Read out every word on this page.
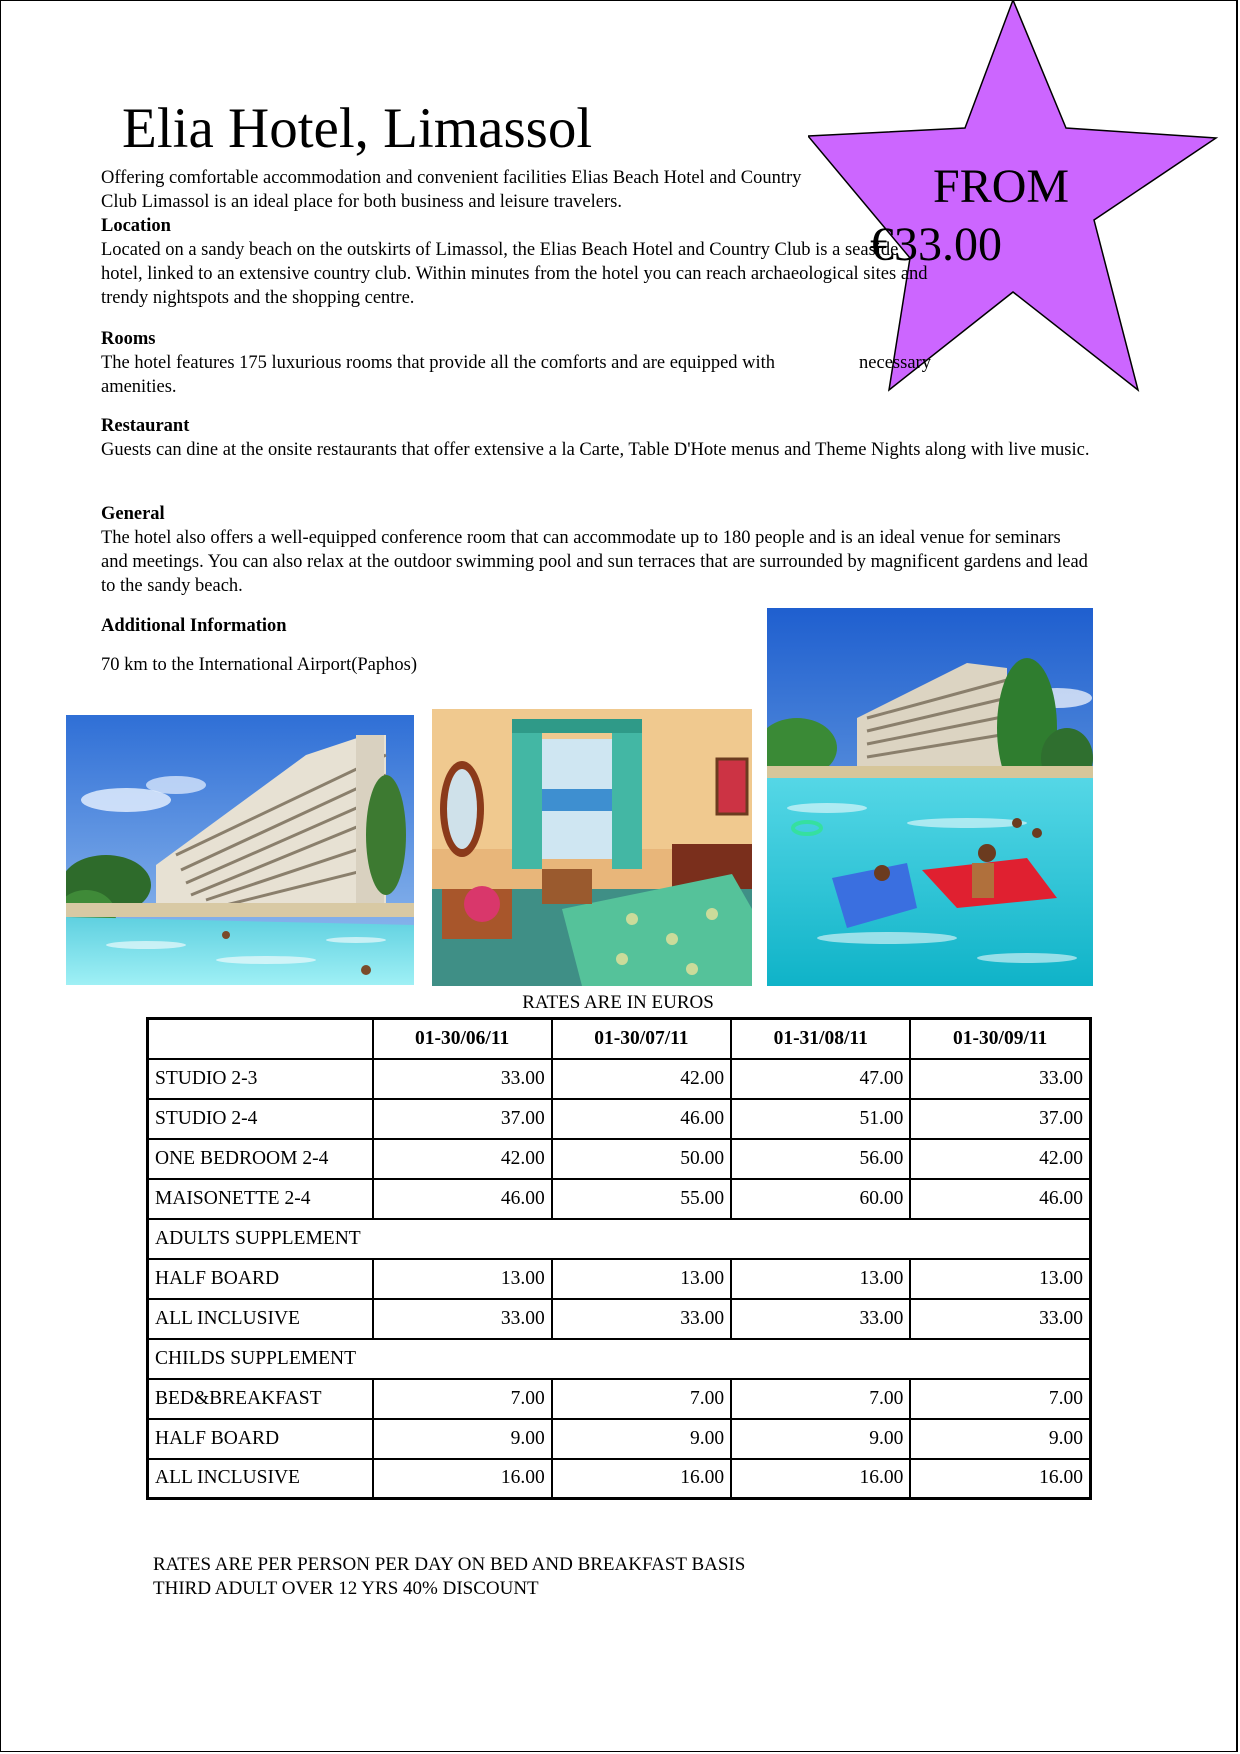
Elia Hotel, Limassol
FROM
€33.00

Offering comfortable accommodation and convenient facilities Elias Beach Hotel and Country Club Limassol is an ideal place for both business and leisure travelers.

Location

Located on a sandy beach on the outskirts of Limassol, the Elias Beach Hotel and Country Club is a seaside hotel, linked to an extensive country club. Within minutes from the hotel you can reach archaeological sites and trendy nightspots and the shopping centre.

Rooms

The hotel features 175 luxurious rooms that provide all the comforts and are equipped with	necessary
amenities.

Restaurant

Guests can dine at the onsite restaurants that offer extensive a la Carte, Table D'Hote menus and Theme Nights along with live music.

General

The hotel also offers a well-equipped conference room that can accommodate up to 180 people and is an ideal venue for seminars and meetings. You can also relax at the outdoor swimming pool and sun terraces that are surrounded by magnificent gardens and lead to the sandy beach.

Additional Information

70 km to the International Airport(Paphos)

RATES ARE IN EUROS
	01-30/06/11	01-30/07/11	01-31/08/11	01-30/09/11
STUDIO 2-3	33.00	42.00	47.00	33.00
STUDIO 2-4	37.00	46.00	51.00	37.00
ONE BEDROOM 2-4	42.00	50.00	56.00	42.00
MAISONETTE 2-4	46.00	55.00	60.00	46.00
ADULTS SUPPLEMENT				
HALF BOARD	13.00	13.00	13.00	13.00
ALL INCLUSIVE	33.00	33.00	33.00	33.00
CHILDS SUPPLEMENT				
BED&BREAKFAST	7.00	7.00	7.00	7.00
HALF BOARD	9.00	9.00	9.00	9.00
ALL INCLUSIVE	16.00	16.00	16.00	16.00
RATES ARE PER PERSON PER DAY ON BED AND BREAKFAST BASIS
THIRD ADULT OVER 12 YRS 40% DISCOUNT
